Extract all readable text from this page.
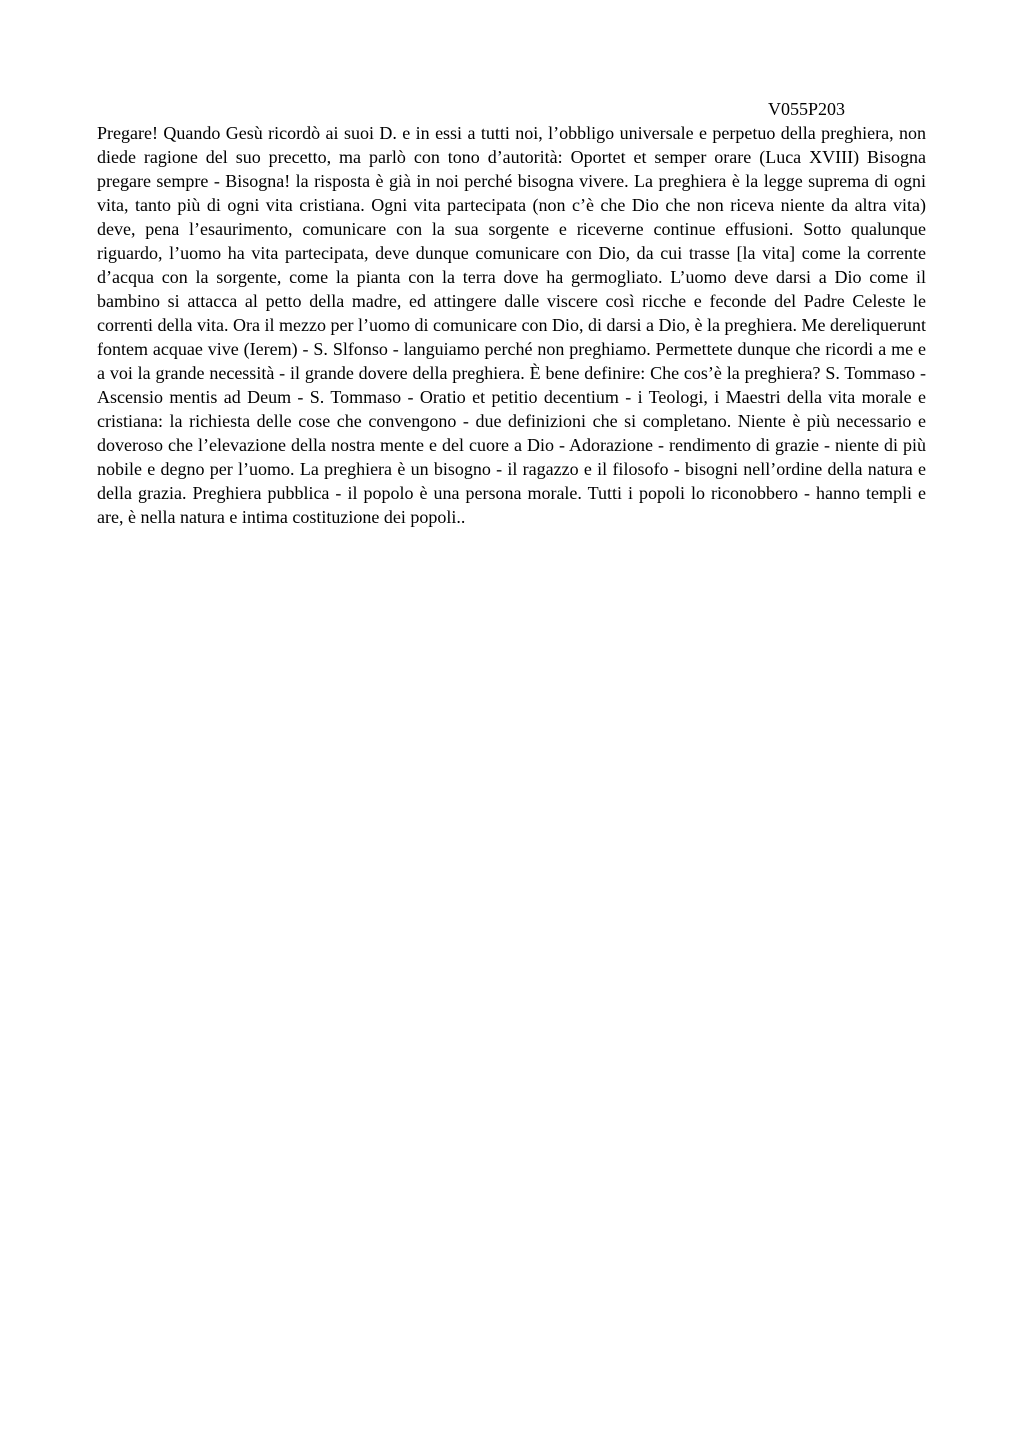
V055P203

Pregare! Quando Gesù ricordò ai suoi D. e in essi a tutti noi, l’obbligo universale e perpetuo della preghiera, non diede ragione del suo precetto, ma parlò con tono d’autorità: Oportet et semper orare (Luca XVIII) Bisogna pregare sempre - Bisogna! la risposta è già in noi perché bisogna vivere. La preghiera è la legge suprema di ogni vita, tanto più di ogni vita cristiana. Ogni vita partecipata (non c’è che Dio che non riceva niente da altra vita) deve, pena l’esaurimento, comunicare con la sua sorgente e riceverne continue effusioni. Sotto qualunque riguardo, l’uomo ha vita partecipata, deve dunque comunicare con Dio, da cui trasse [la vita] come la corrente d’acqua con la sorgente, come la pianta con la terra dove ha germogliato. L’uomo deve darsi a Dio come il bambino si attacca al petto della madre, ed attingere dalle viscere così ricche e feconde del Padre Celeste le correnti della vita. Ora il mezzo per l’uomo di comunicare con Dio, di darsi a Dio, è la preghiera. Me dereliquerunt fontem acquae vive (Ierem) - S. Slfonso - languiamo perché non preghiamo. Permettete dunque che ricordi a me e a voi la grande necessità - il grande dovere della preghiera. È bene definire: Che cos’è la preghiera? S. Tommaso - Ascensio mentis ad Deum - S. Tommaso - Oratio et petitio decentium - i Teologi, i Maestri della vita morale e cristiana: la richiesta delle cose che convengono - due definizioni che si completano. Niente è più necessario e doveroso che l’elevazione della nostra mente e del cuore a Dio - Adorazione - rendimento di grazie - niente di più nobile e degno per l’uomo. La preghiera è un bisogno - il ragazzo e il filosofo - bisogni nell’ordine della natura e della grazia. Preghiera pubblica - il popolo è una persona morale. Tutti i popoli lo riconobbero - hanno templi e are, è nella natura e intima costituzione dei popoli..
